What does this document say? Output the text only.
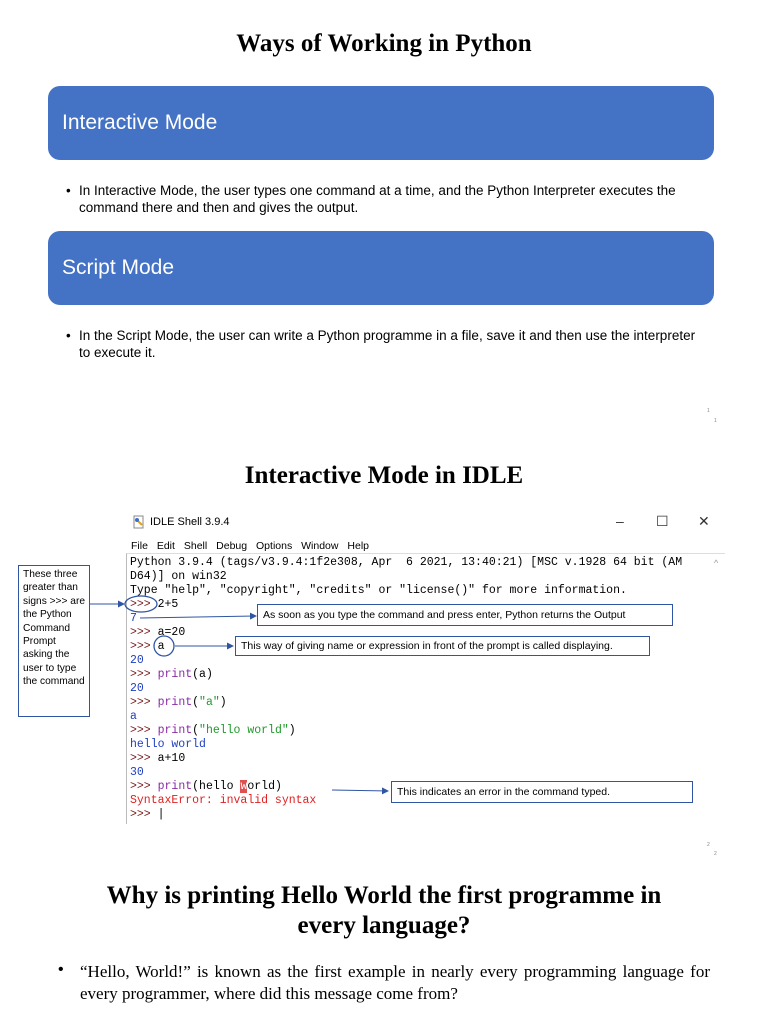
Ways of Working in Python
Interactive Mode
• In Interactive Mode, the user types one command at a time, and the Python Interpreter executes the command there and then and gives the output.
Script Mode
• In the Script Mode, the user can write a Python programme in a file, save it and then use the interpreter to execute it.
1
1
Interactive Mode in IDLE
IDLE Shell 3.9.4	– ☐ ✕
File Edit Shell Debug Options Window Help
^
Python 3.9.4 (tags/v3.9.4:1f2e308, Apr  6 2021, 13:40:21) [MSC v.1928 64 bit (AM
D64)] on win32
Type "help", "copyright", "credits" or "license()" for more information.
>>> 2+5
7
>>> a=20
>>> a
20
>>> print(a)
20
>>> print("a")
a
>>> print("hello world")
hello world
>>> a+10
30
>>> print(hello world)
SyntaxError: invalid syntax
>>> |
These three greater than signs >>> are the Python Command Prompt asking the user to type the command
As soon as you type the command and press enter, Python returns the Output
This way of giving name or expression in front of the prompt is called displaying.
This indicates an error in the command typed.
2
2
Why is printing Hello World the first programme in
every language?
• “Hello, World!” is known as the first example in nearly every programming language for every programmer, where did this message come from?
